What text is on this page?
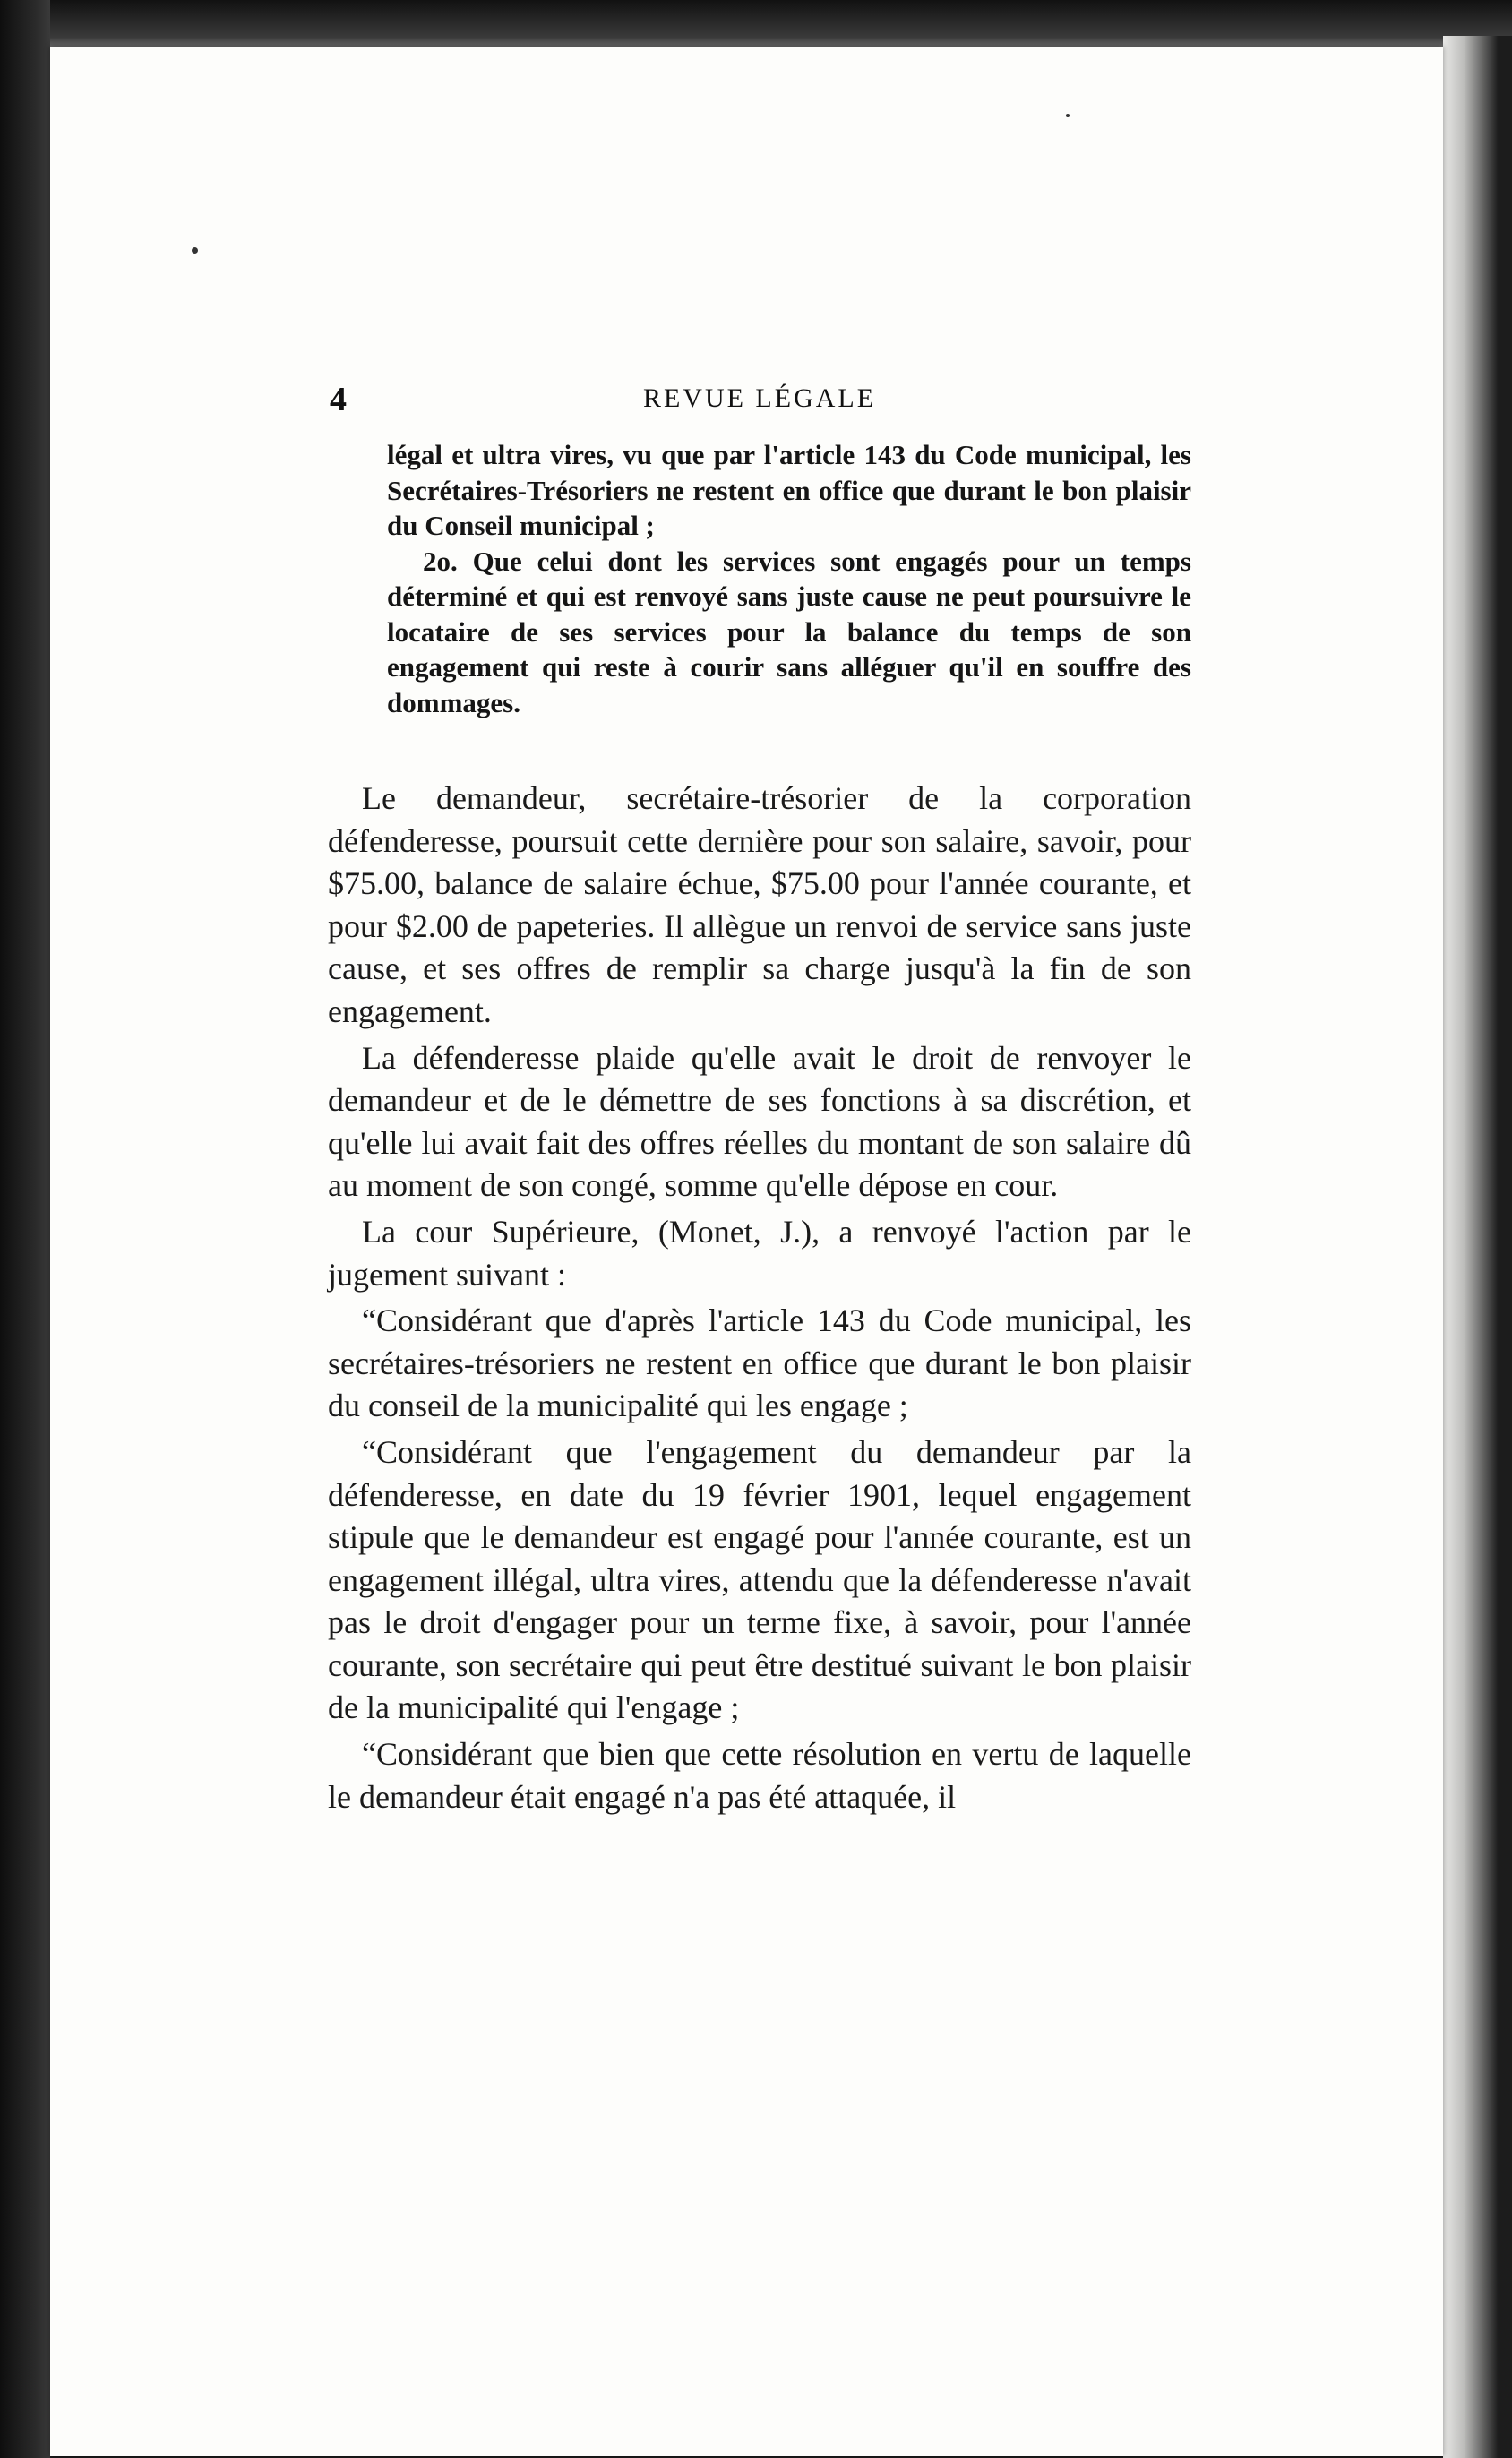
4	REVUE LÉGALE

légal et ultra vires, vu que par l'article 143 du Code municipal, les Secrétaires-Trésoriers ne restent en office que durant le bon plaisir du Conseil municipal ;

2o. Que celui dont les services sont engagés pour un temps déterminé et qui est renvoyé sans juste cause ne peut poursuivre le locataire de ses services pour la balance du temps de son engagement qui reste à courir sans alléguer qu'il en souffre des dommages.

Le demandeur, secrétaire-trésorier de la corporation défenderesse, poursuit cette dernière pour son salaire, savoir, pour $75.00, balance de salaire échue, $75.00 pour l'année courante, et pour $2.00 de papeteries. Il allègue un renvoi de service sans juste cause, et ses offres de remplir sa charge jusqu'à la fin de son engagement.

La défenderesse plaide qu'elle avait le droit de renvoyer le demandeur et de le démettre de ses fonctions à sa discrétion, et qu'elle lui avait fait des offres réelles du montant de son salaire dû au moment de son congé, somme qu'elle dépose en cour.

La cour Supérieure, (Monet, J.), a renvoyé l'action par le jugement suivant :

“Considérant que d'après l'article 143 du Code municipal, les secrétaires-trésoriers ne restent en office que durant le bon plaisir du conseil de la municipalité qui les engage ;

“Considérant que l'engagement du demandeur par la défenderesse, en date du 19 février 1901, lequel engagement stipule que le demandeur est engagé pour l'année courante, est un engagement illégal, ultra vires, attendu que la défenderesse n'avait pas le droit d'engager pour un terme fixe, à savoir, pour l'année courante, son secrétaire qui peut être destitué suivant le bon plaisir de la municipalité qui l'engage ;

“Considérant que bien que cette résolution en vertu de laquelle le demandeur était engagé n'a pas été attaquée, il
